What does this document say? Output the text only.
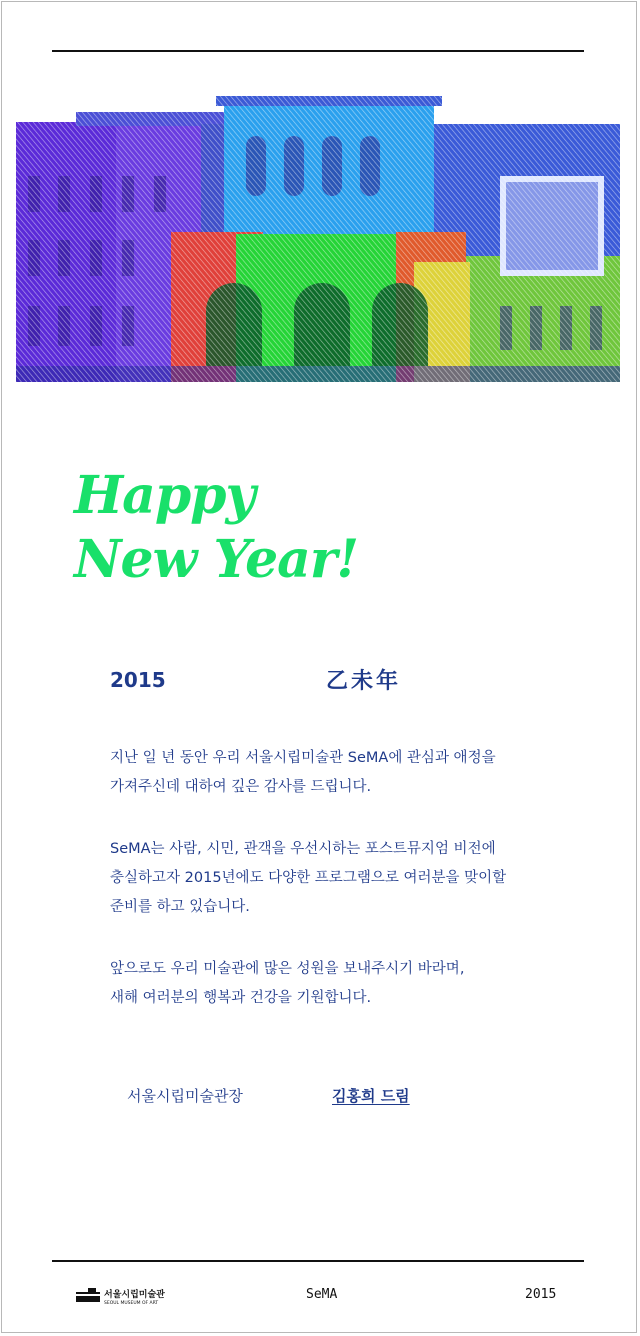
Happy
New Year!
2015	乙未年

지난 일 년 동안 우리 서울시립미술관 SeMA에 관심과 애정을
가져주신데 대하여 깊은 감사를 드립니다.

SeMA는 사람, 시민, 관객을 우선시하는 포스트뮤지엄 비전에
충실하고자 2015년에도 다양한 프로그램으로 여러분을 맞이할
준비를 하고 있습니다.

앞으로도 우리 미술관에 많은 성원을 보내주시기 바라며,
새해 여러분의 행복과 건강을 기원합니다.

서울시립미술관장	김홍희 드림
서울시립미술관
SEOUL MUSEUM OF ART
SeMA	2015
